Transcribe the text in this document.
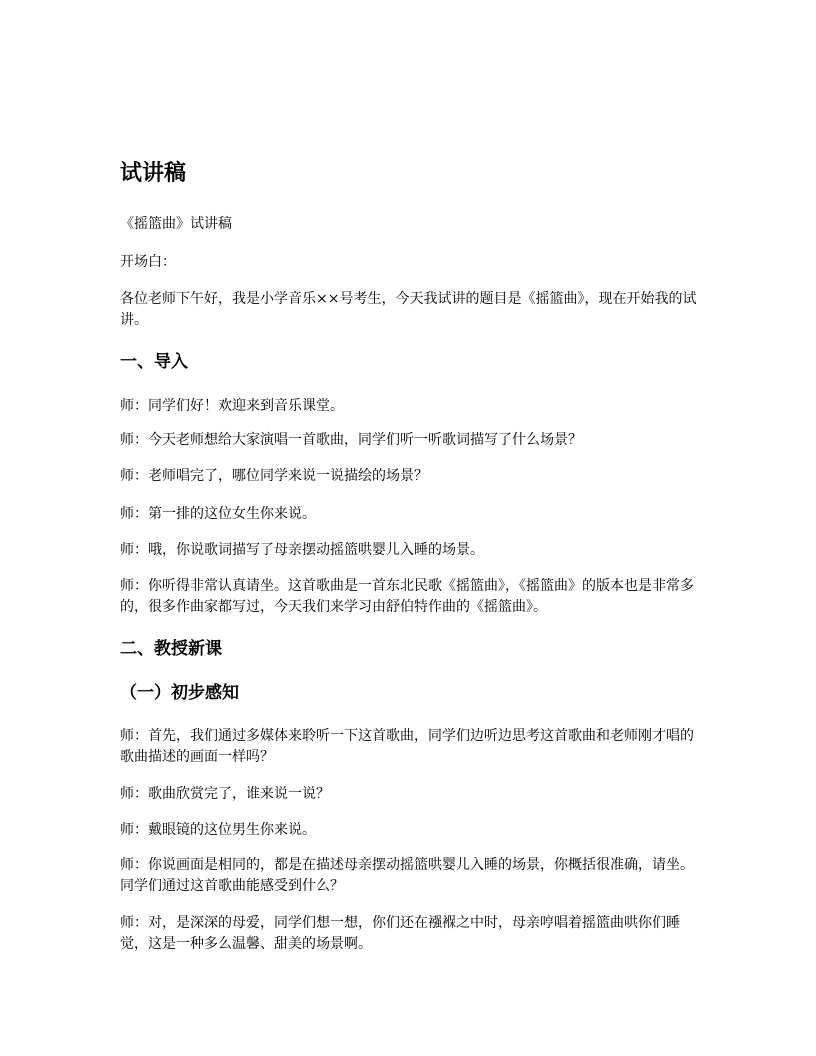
试讲稿

《摇篮曲》试讲稿

开场白：

各位老师下午好，我是小学音乐××号考生，今天我试讲的题目是《摇篮曲》，现在开始我的试讲。

一、导入

师：同学们好！欢迎来到音乐课堂。

师：今天老师想给大家演唱一首歌曲，同学们听一听歌词描写了什么场景？

师：老师唱完了，哪位同学来说一说描绘的场景？

师：第一排的这位女生你来说。

师：哦，你说歌词描写了母亲摆动摇篮哄婴儿入睡的场景。

师：你听得非常认真请坐。这首歌曲是一首东北民歌《摇篮曲》，《摇篮曲》的版本也是非常多的，很多作曲家都写过，今天我们来学习由舒伯特作曲的《摇篮曲》。

二、教授新课
（一）初步感知

师：首先，我们通过多媒体来聆听一下这首歌曲，同学们边听边思考这首歌曲和老师刚才唱的歌曲描述的画面一样吗？

师：歌曲欣赏完了，谁来说一说？

师：戴眼镜的这位男生你来说。

师：你说画面是相同的，都是在描述母亲摆动摇篮哄婴儿入睡的场景，你概括很准确，请坐。同学们通过这首歌曲能感受到什么？

师：对，是深深的母爱，同学们想一想，你们还在襁褓之中时，母亲哼唱着摇篮曲哄你们睡觉，这是一种多么温馨、甜美的场景啊。
